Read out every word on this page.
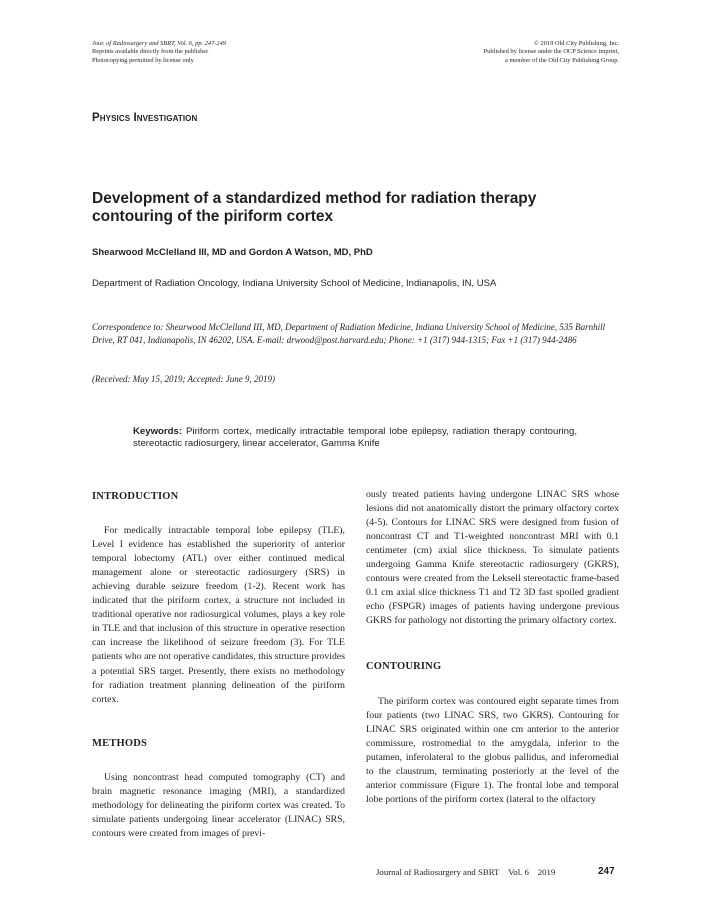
Jour. of Radiosurgery and SBRT, Vol. 6, pp. 247-249
Reprints available directly from the publisher
Photocopying permitted by license only
© 2019 Old City Publishing, Inc.
Published by license under the OCP Science imprint,
a member of the Old City Publishing Group.
Physics Investigation
Development of a standardized method for radiation therapy contouring of the piriform cortex
Shearwood McClelland III, MD and Gordon A Watson, MD, PhD
Department of Radiation Oncology, Indiana University School of Medicine, Indianapolis, IN, USA
Correspondence to: Shearwood McClelland III, MD, Department of Radiation Medicine, Indiana University School of Medicine, 535 Barnhill Drive, RT 041, Indianapolis, IN 46202, USA. E-mail: drwood@post.harvard.edu; Phone: +1 (317) 944-1315; Fax +1 (317) 944-2486
(Received: May 15, 2019; Accepted: June 9, 2019)
Keywords: Piriform cortex, medically intractable temporal lobe epilepsy, radiation therapy contouring, stereotactic radiosurgery, linear accelerator, Gamma Knife
INTRODUCTION

For medically intractable temporal lobe epilepsy (TLE), Level I evidence has established the superiority of anterior temporal lobectomy (ATL) over either continued medical management alone or stereotactic radiosurgery (SRS) in achieving durable seizure freedom (1-2). Recent work has indicated that the piriform cortex, a structure not included in traditional operative nor radiosurgical volumes, plays a key role in TLE and that inclusion of this structure in operative resection can increase the likelihood of seizure freedom (3). For TLE patients who are not operative candidates, this structure provides a potential SRS target. Presently, there exists no methodology for radiation treatment planning delineation of the piriform cortex.

METHODS

Using noncontrast head computed tomography (CT) and brain magnetic resonance imaging (MRI), a standardized methodology for delineating the piriform cortex was created. To simulate patients undergoing linear accelerator (LINAC) SRS, contours were created from images of previ-

ously treated patients having undergone LINAC SRS whose lesions did not anatomically distort the primary olfactory cortex (4-5). Contours for LINAC SRS were designed from fusion of noncontrast CT and T1-weighted noncontrast MRI with 0.1 centimeter (cm) axial slice thickness. To simulate patients undergoing Gamma Knife stereotactic radiosurgery (GKRS), contours were created from the Leksell stereotactic frame-based 0.1 cm axial slice thickness T1 and T2 3D fast spoiled gradient echo (FSPGR) images of patients having undergone previous GKRS for pathology not distorting the primary olfactory cortex.

CONTOURING

The piriform cortex was contoured eight separate times from four patients (two LINAC SRS, two GKRS). Contouring for LINAC SRS originated within one cm anterior to the anterior commissure, rostromedial to the amygdala, inferior to the putamen, inferolateral to the globus pallidus, and inferomedial to the claustrum, terminating posteriorly at the level of the anterior commissure (Figure 1). The frontal lobe and temporal lobe portions of the piriform cortex (lateral to the olfactory

Journal of Radiosurgery and SBRT Vol. 6 2019	247
